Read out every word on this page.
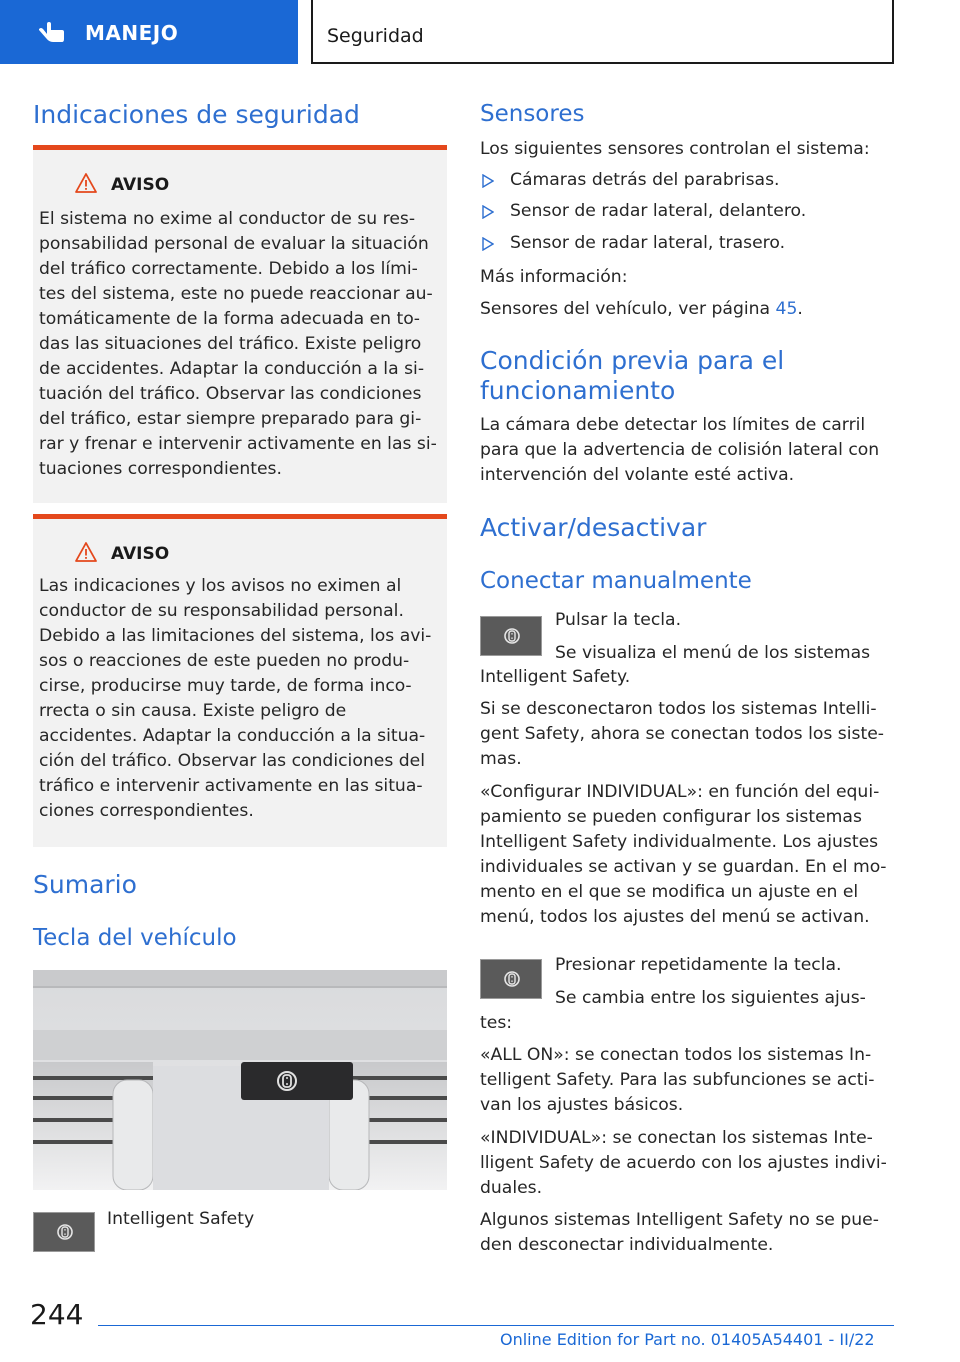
MANEJO	Seguridad
Indicaciones de seguridad
AVISO
El sistema no exime al conductor de su res‐
ponsabilidad personal de evaluar la situación
del tráfico correctamente. Debido a los lími‐
tes del sistema, este no puede reaccionar au‐
tomáticamente de la forma adecuada en to‐
das las situaciones del tráfico. Existe peligro
de accidentes. Adaptar la conducción a la si‐
tuación del tráfico. Observar las condiciones
del tráfico, estar siempre preparado para gi‐
rar y frenar e intervenir activamente en las si‐
tuaciones correspondientes.
AVISO
Las indicaciones y los avisos no eximen al
conductor de su responsabilidad personal.
Debido a las limitaciones del sistema, los avi‐
sos o reacciones de este pueden no produ‐
cirse, producirse muy tarde, de forma inco‐
rrecta o sin causa. Existe peligro de
accidentes. Adaptar la conducción a la situa‐
ción del tráfico. Observar las condiciones del
tráfico e intervenir activamente en las situa‐
ciones correspondientes.
Sumario
Tecla del vehículo
Intelligent Safety
Sensores
Los siguientes sensores controlan el sistema:
Cámaras detrás del parabrisas.
Sensor de radar lateral, delantero.
Sensor de radar lateral, trasero.
Más información:
Sensores del vehículo, ver página 45.
Condición previa para el
funcionamiento
La cámara debe detectar los límites de carril
para que la advertencia de colisión lateral con
intervención del volante esté activa.
Activar/desactivar
Conectar manualmente
Pulsar la tecla.
Se visualiza el menú de los sistemas
Intelligent Safety.
Si se desconectaron todos los sistemas Intelli‐
gent Safety, ahora se conectan todos los siste‐
mas.
«Configurar INDIVIDUAL»: en función del equi‐
pamiento se pueden configurar los sistemas
Intelligent Safety individualmente. Los ajustes
individuales se activan y se guardan. En el mo‐
mento en el que se modifica un ajuste en el
menú, todos los ajustes del menú se activan.
Presionar repetidamente la tecla.
Se cambia entre los siguientes ajus‐
tes:
«ALL ON»: se conectan todos los sistemas In‐
telligent Safety. Para las subfunciones se acti‐
van los ajustes básicos.
«INDIVIDUAL»: se conectan los sistemas Inte‐
lligent Safety de acuerdo con los ajustes indivi‐
duales.
Algunos sistemas Intelligent Safety no se pue‐
den desconectar individualmente.
244
Online Edition for Part no. 01405A54401 - II/22
